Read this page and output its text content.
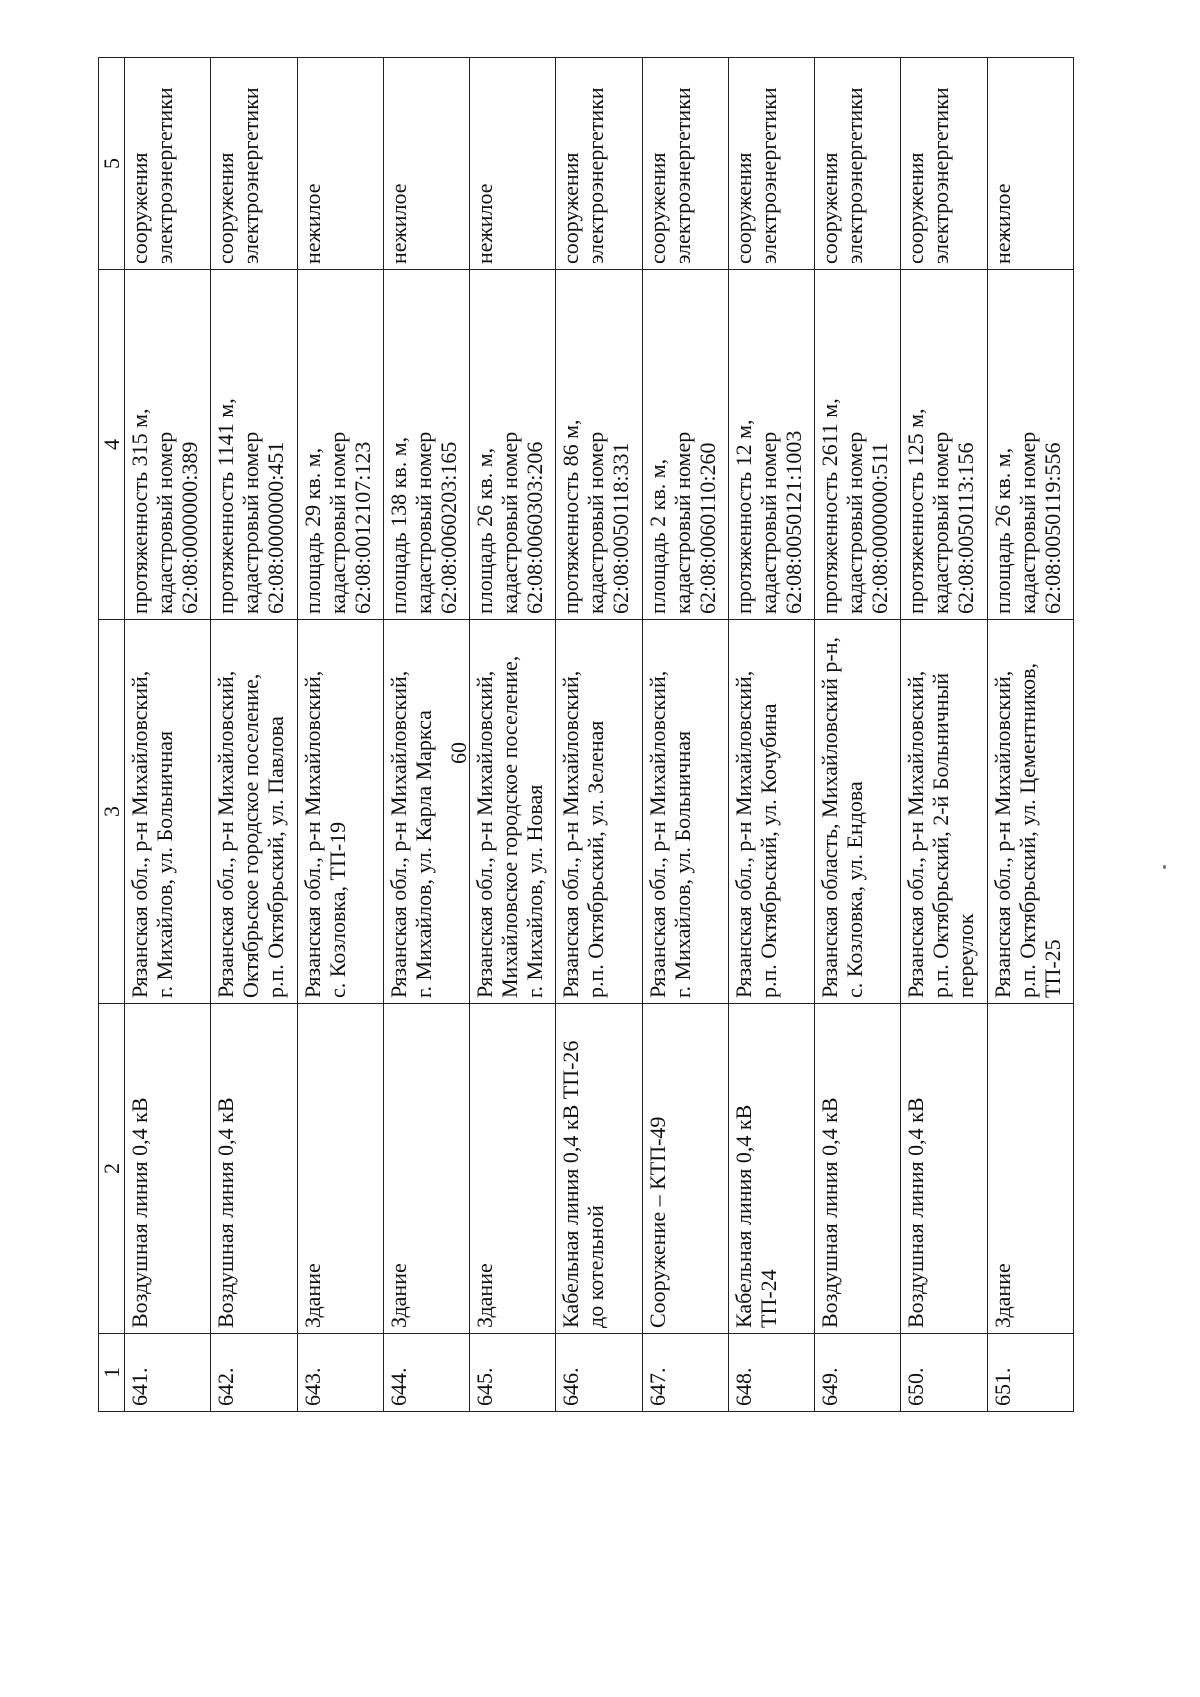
60
1	2	3	4	5
641.	Воздушная линия 0,4 кВ	Рязанская обл., р-н Михайловский,
г. Михайлов, ул. Больничная	протяженность 315 м,
кадастровый номер
62:08:0000000:389	сооружения
электроэнергетики
642.	Воздушная линия 0,4 кВ	Рязанская обл., р-н Михайловский,
Октябрьское городское поселение,
р.п. Октябрьский, ул. Павлова	протяженность 1141 м,
кадастровый номер
62:08:0000000:451	сооружения
электроэнергетики
643.	Здание	Рязанская обл., р-н Михайловский,
с. Козловка, ТП-19	площадь 29 кв. м,
кадастровый номер
62:08:0012107:123	нежилое
644.	Здание	Рязанская обл., р-н Михайловский,
г. Михайлов, ул. Карла Маркса	площадь 138 кв. м,
кадастровый номер
62:08:0060203:165	нежилое
645.	Здание	Рязанская обл., р-н Михайловский,
Михайловское городское поселение,
г. Михайлов, ул. Новая	площадь 26 кв. м,
кадастровый номер
62:08:0060303:206	нежилое
646.	Кабельная линия 0,4 кВ ТП-26
до котельной	Рязанская обл., р-н Михайловский,
р.п. Октябрьский, ул. Зеленая	протяженность 86 м,
кадастровый номер
62:08:0050118:331	сооружения
электроэнергетики
647.	Сооружение – КТП-49	Рязанская обл., р-н Михайловский,
г. Михайлов, ул. Больничная	площадь 2 кв. м,
кадастровый номер
62:08:0060110:260	сооружения
электроэнергетики
648.	Кабельная линия 0,4 кВ
ТП-24	Рязанская обл., р-н Михайловский,
р.п. Октябрьский, ул. Кочубина	протяженность 12 м,
кадастровый номер
62:08:0050121:1003	сооружения
электроэнергетики
649.	Воздушная линия 0,4 кВ	Рязанская область, Михайловский р-н,
с. Козловка, ул. Ендова	протяженность 2611 м,
кадастровый номер
62:08:0000000:511	сооружения
электроэнергетики
650.	Воздушная линия 0,4 кВ	Рязанская обл., р-н Михайловский,
р.п. Октябрьский, 2-й Больничный переулок	протяженность 125 м,
кадастровый номер
62:08:0050113:156	сооружения
электроэнергетики
651.	Здание	Рязанская обл., р-н Михайловский,
р.п. Октябрьский, ул. Цементников, ТП-25	площадь 26 кв. м,
кадастровый номер
62:08:0050119:556	нежилое
